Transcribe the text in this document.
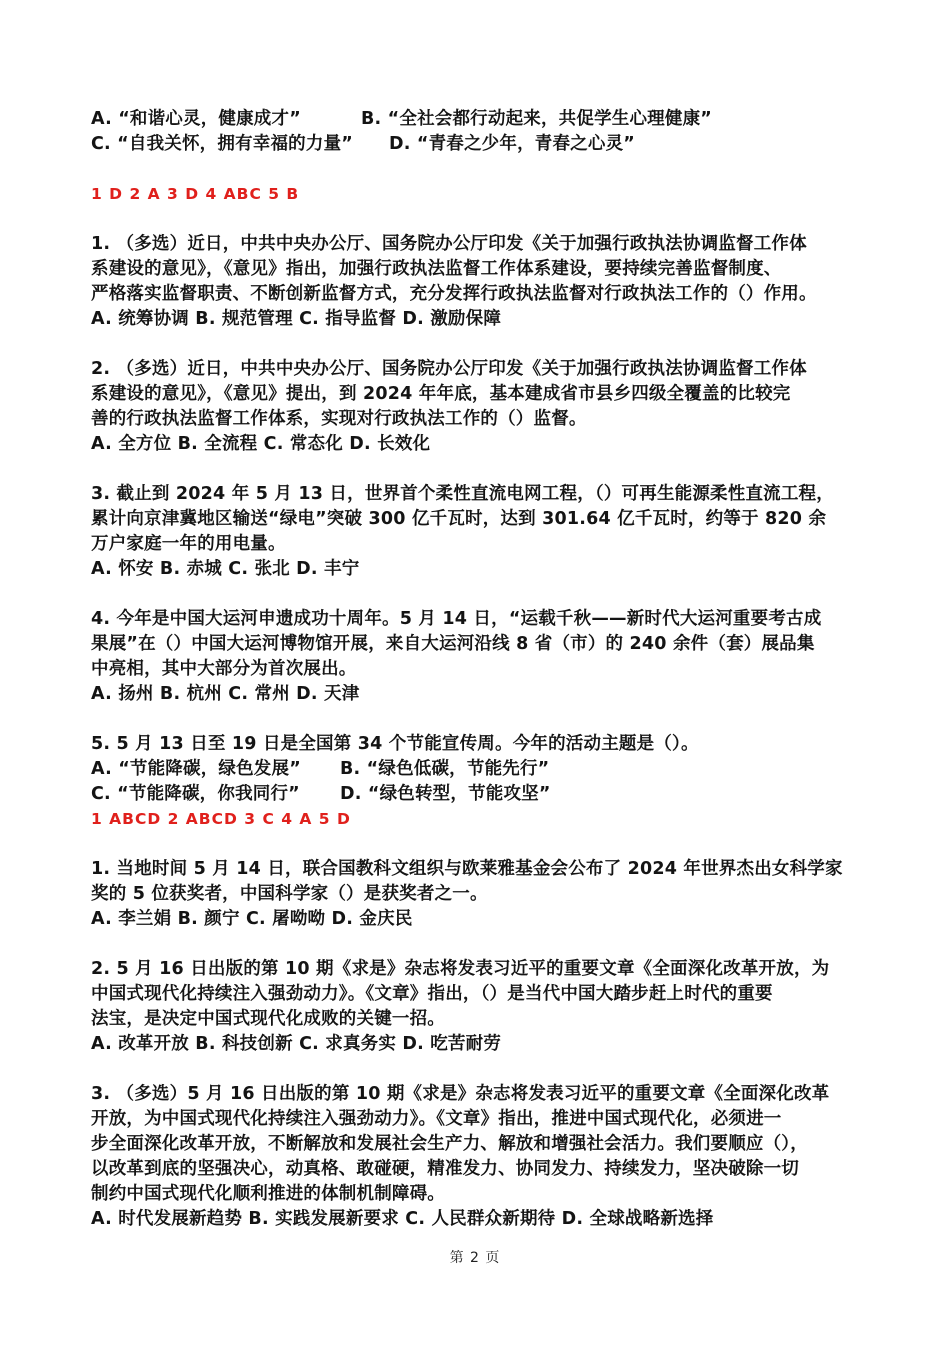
A. “和谐心灵，健康成才”	B. “全社会都行动起来，共促学生心理健康”
C. “自我关怀，拥有幸福的力量” D. “青春之少年，青春之心灵”
1 D 2 A 3 D 4 ABC 5 B
1. （多选）近日，中共中央办公厅、国务院办公厅印发《关于加强行政执法协调监督工作体
系建设的意见》，《意见》指出，加强行政执法监督工作体系建设，要持续完善监督制度、
严格落实监督职责、不断创新监督方式，充分发挥行政执法监督对行政执法工作的（）作用。
A. 统筹协调 B. 规范管理 C. 指导监督 D. 激励保障
2. （多选）近日，中共中央办公厅、国务院办公厅印发《关于加强行政执法协调监督工作体
系建设的意见》，《意见》提出，到 2024 年年底，基本建成省市县乡四级全覆盖的比较完
善的行政执法监督工作体系，实现对行政执法工作的（）监督。
A. 全方位 B. 全流程 C. 常态化 D. 长效化
3. 截止到 2024 年 5 月 13 日，世界首个柔性直流电网工程，（）可再生能源柔性直流工程，
累计向京津冀地区输送“绿电”突破 300 亿千瓦时，达到 301.64 亿千瓦时，约等于 820 余
万户家庭一年的用电量。
A. 怀安 B. 赤城 C. 张北 D. 丰宁
4. 今年是中国大运河申遗成功十周年。5 月 14 日，“运载千秋——新时代大运河重要考古成
果展”在（）中国大运河博物馆开展，来自大运河沿线 8 省（市）的 240 余件（套）展品集
中亮相，其中大部分为首次展出。
A. 扬州 B. 杭州 C. 常州 D. 天津
5. 5 月 13 日至 19 日是全国第 34 个节能宣传周。今年的活动主题是（）。
A. “节能降碳，绿色发展” B. “绿色低碳，节能先行”
C. “节能降碳，你我同行” D. “绿色转型，节能攻坚”
1 ABCD 2 ABCD 3 C 4 A 5 D
1. 当地时间 5 月 14 日，联合国教科文组织与欧莱雅基金会公布了 2024 年世界杰出女科学家
奖的 5 位获奖者，中国科学家（）是获奖者之一。
A. 李兰娟 B. 颜宁 C. 屠呦呦 D. 金庆民
2. 5 月 16 日出版的第 10 期《求是》杂志将发表习近平的重要文章《全面深化改革开放，为
中国式现代化持续注入强劲动力》。《文章》指出，（）是当代中国大踏步赶上时代的重要
法宝，是决定中国式现代化成败的关键一招。
A. 改革开放 B. 科技创新 C. 求真务实 D. 吃苦耐劳
3. （多选）5 月 16 日出版的第 10 期《求是》杂志将发表习近平的重要文章《全面深化改革
开放，为中国式现代化持续注入强劲动力》。《文章》指出，推进中国式现代化，必须进一
步全面深化改革开放，不断解放和发展社会生产力、解放和增强社会活力。我们要顺应（），
以改革到底的坚强决心，动真格、敢碰硬，精准发力、协同发力、持续发力，坚决破除一切
制约中国式现代化顺利推进的体制机制障碍。
A. 时代发展新趋势 B. 实践发展新要求 C. 人民群众新期待 D. 全球战略新选择
第 2 页
